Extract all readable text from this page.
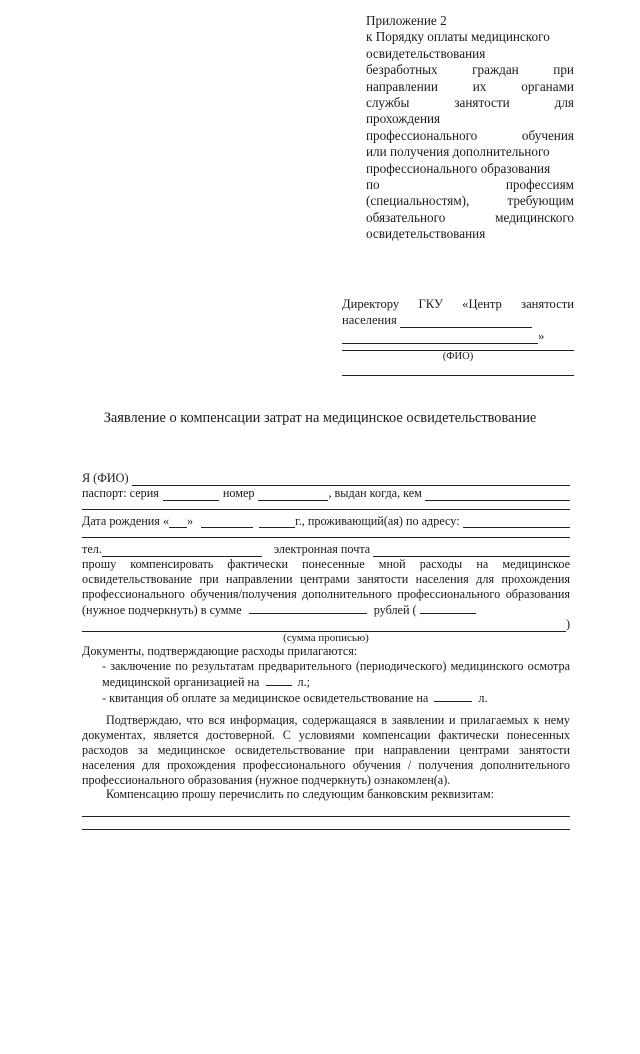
Приложение 2
к Порядку оплаты медицинского
освидетельствования
безработных граждан при
направлении их органами
службы занятости для
прохождения
профессионального обучения
или получения дополнительного
профессионального образования
по профессиям
(специальностям), требующим
обязательного медицинского
освидетельствования
Директору ГКУ «Центр занятости
населения
»
(ФИО)
Заявление о компенсации затрат на медицинское освидетельствование
Я (ФИО)
паспорт: серия	номер	, выдан когда, кем
Дата рождения « »	г., проживающий(ая) по адресу:
тел.	электронная почта
прошу компенсировать фактически понесенные мной расходы на медицинское освидетельствование при направлении центрами занятости населения для прохождения профессионального обучения/получения дополнительного профессионального образования (нужное подчеркнуть) в сумме	рублей (
)
(сумма прописью)
Документы, подтверждающие расходы прилагаются:
- заключение по результатам предварительного (периодического) медицинского осмотра медицинской организацией на	л.;
- квитанция об оплате за медицинское освидетельствование на	л.
Подтверждаю, что вся информация, содержащаяся в заявлении и прилагаемых к нему документах, является достоверной. С условиями компенсации фактически понесенных расходов за медицинское освидетельствование при направлении центрами занятости населения для прохождения профессионального обучения / получения дополнительного профессионального образования (нужное подчеркнуть) ознакомлен(а).
Компенсацию прошу перечислить по следующим банковским реквизитам:
